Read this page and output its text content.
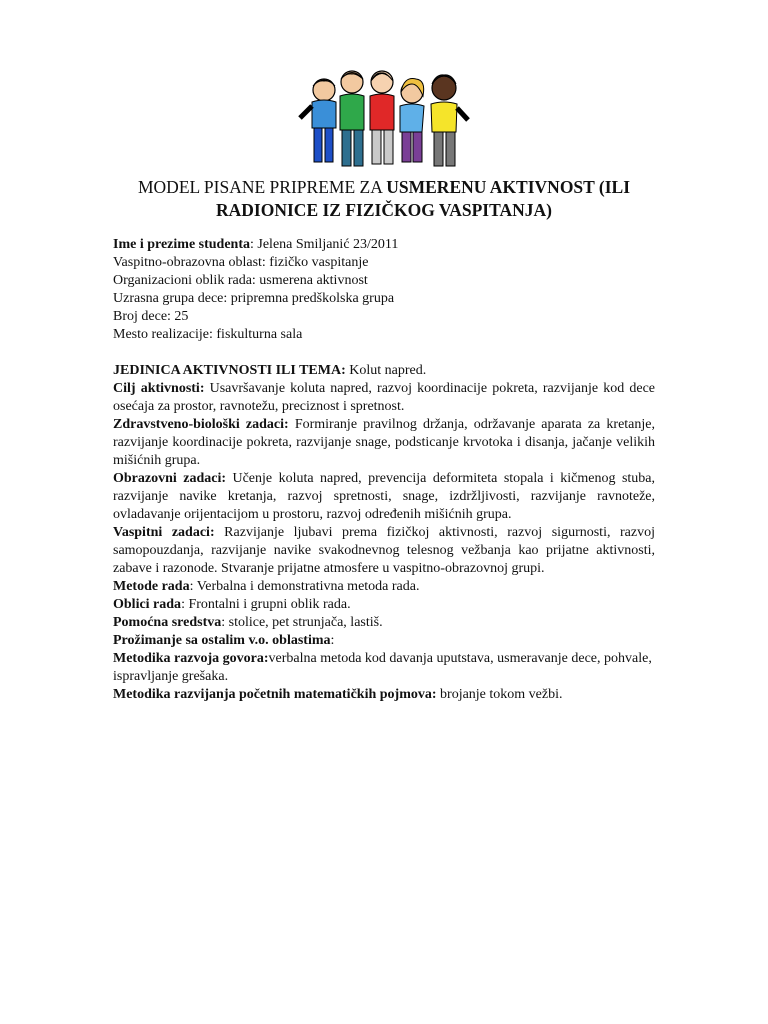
MODEL PISANE PRIPREME ZA USMERENU AKTIVNOST (ILI RADIONICE IZ FIZIČKOG VASPITANJA)

Ime i prezime studenta: Jelena Smiljanić 23/2011

Vaspitno-obrazovna oblast: fizičko vaspitanje

Organizacioni oblik rada: usmerena aktivnost

Uzrasna grupa dece: pripremna predškolska grupa

Broj dece: 25

Mesto realizacije: fiskulturna sala

JEDINICA AKTIVNOSTI ILI TEMA: Kolut napred.

Cilj aktivnosti: Usavršavanje koluta napred, razvoj koordinacije pokreta, razvijanje kod dece osećaja za prostor, ravnotežu, preciznost i spretnost.

Zdravstveno-biološki zadaci: Formiranje pravilnog držanja, održavanje aparata za kretanje, razvijanje koordinacije pokreta, razvijanje snage, podsticanje krvotoka i disanja, jačanje velikih mišićnih grupa.

Obrazovni zadaci: Učenje koluta napred, prevencija deformiteta stopala i kičmenog stuba, razvijanje navike kretanja, razvoj spretnosti, snage, izdržljivosti, razvijanje ravnoteže, ovladavanje orijentacijom u prostoru, razvoj određenih mišićnih grupa.

Vaspitni zadaci: Razvijanje ljubavi prema fizičkoj aktivnosti, razvoj sigurnosti, razvoj samopouzdanja, razvijanje navike svakodnevnog telesnog vežbanja kao prijatne aktivnosti, zabave i razonode. Stvaranje prijatne atmosfere u vaspitno-obrazovnoj grupi.

Metode rada: Verbalna i demonstrativna metoda rada.

Oblici rada: Frontalni i grupni oblik rada.

Pomoćna sredstva: stolice, pet strunjača, lastiš.

Prožimanje sa ostalim v.o. oblastima:

Metodika razvoja govora:verbalna metoda kod davanja uputstava, usmeravanje dece, pohvale, ispravljanje grešaka.

Metodika razvijanja početnih matematičkih pojmova: brojanje tokom vežbi.
